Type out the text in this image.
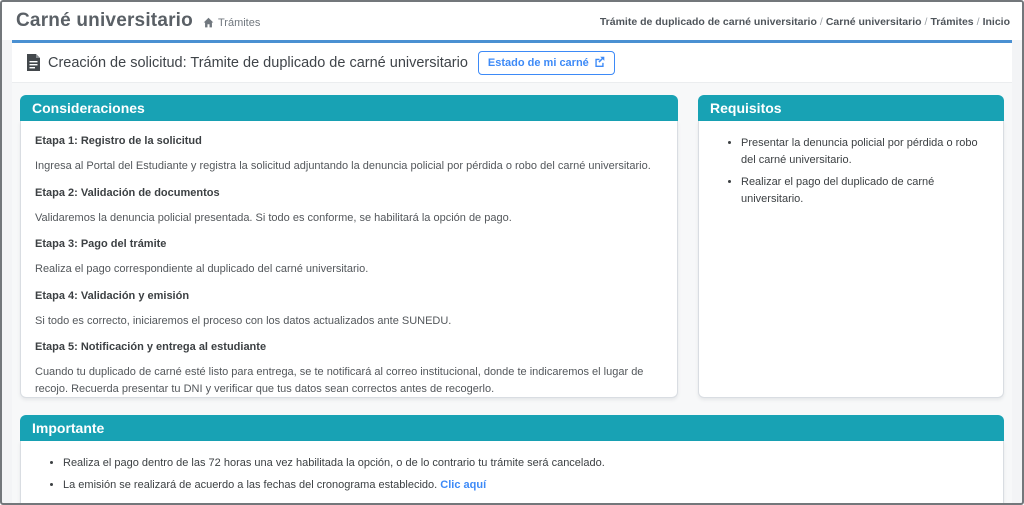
Carné universitario Trámites	Trámite de duplicado de carné universitario / Carné universitario / Trámites / Inicio
Creación de solicitud: Trámite de duplicado de carné universitario Estado de mi carné
Consideraciones
Etapa 1: Registro de la solicitud
Ingresa al Portal del Estudiante y registra la solicitud adjuntando la denuncia policial por pérdida o robo del carné universitario.
Etapa 2: Validación de documentos
Validaremos la denuncia policial presentada. Si todo es conforme, se habilitará la opción de pago.
Etapa 3: Pago del trámite
Realiza el pago correspondiente al duplicado del carné universitario.
Etapa 4: Validación y emisión
Si todo es correcto, iniciaremos el proceso con los datos actualizados ante SUNEDU.
Etapa 5: Notificación y entrega al estudiante
Cuando tu duplicado de carné esté listo para entrega, se te notificará al correo institucional, donde te indicaremos el lugar de recojo. Recuerda presentar tu DNI y verificar que tus datos sean correctos antes de recogerlo.
Requisitos
• Presentar la denuncia policial por pérdida o robo del carné universitario.
• Realizar el pago del duplicado de carné universitario.
Importante
• Realiza el pago dentro de las 72 horas una vez habilitada la opción, o de lo contrario tu trámite será cancelado.
• La emisión se realizará de acuerdo a las fechas del cronograma establecido. Clic aquí
